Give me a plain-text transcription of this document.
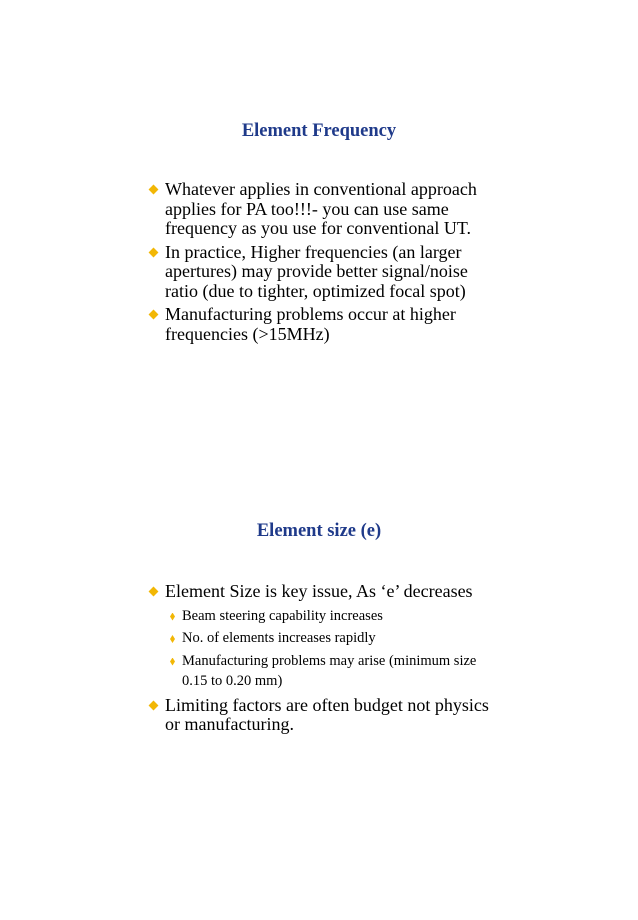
Element Frequency
Whatever applies in conventional approach applies for PA too!!!- you can use same frequency as you use for conventional UT.
In practice, Higher frequencies (an larger apertures) may provide better signal/noise ratio (due to tighter, optimized focal spot)
Manufacturing problems occur at higher frequencies (>15MHz)
Element size (e)
Element Size is key issue, As ‘e’ decreases
Beam steering capability increases
No. of elements increases rapidly
Manufacturing problems may arise (minimum size 0.15 to 0.20 mm)
Limiting factors are often budget not physics or manufacturing.
